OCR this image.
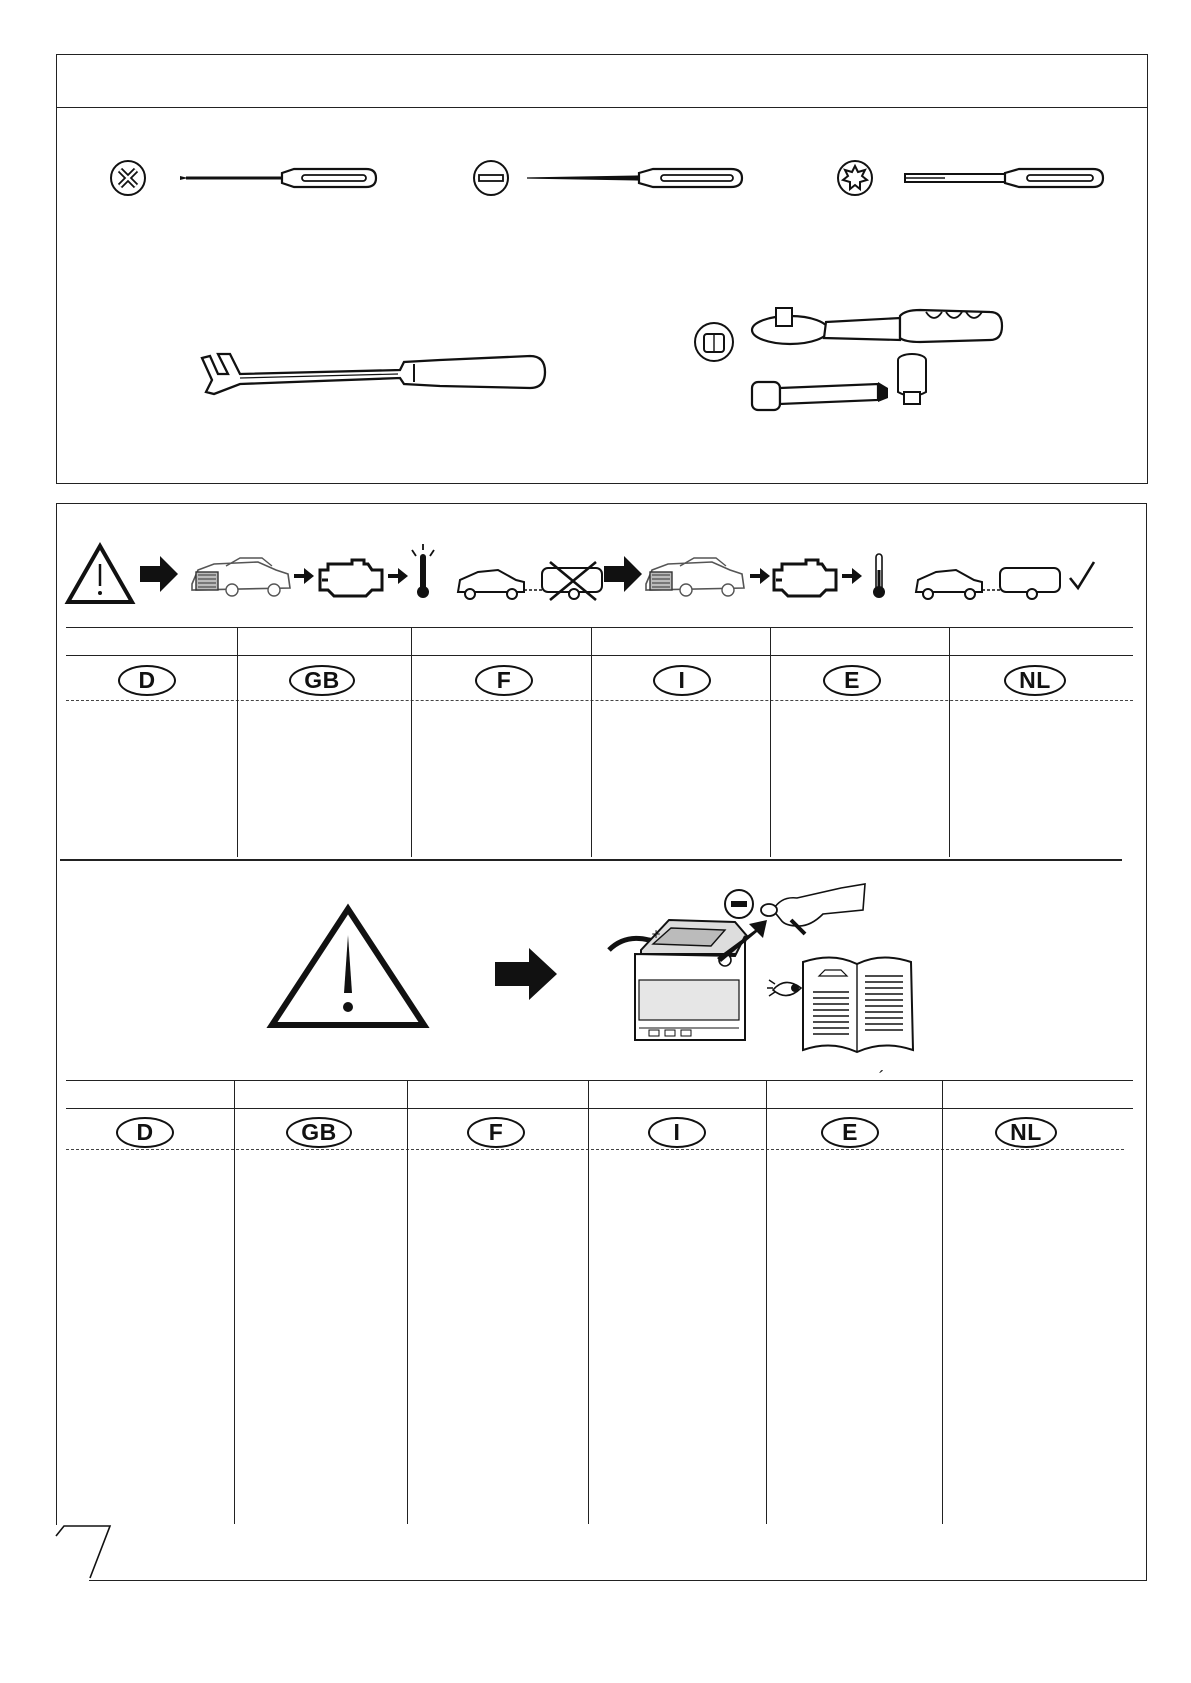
D	GB	F	I	E	NL
+
´
D	GB	F	I	E	NL
